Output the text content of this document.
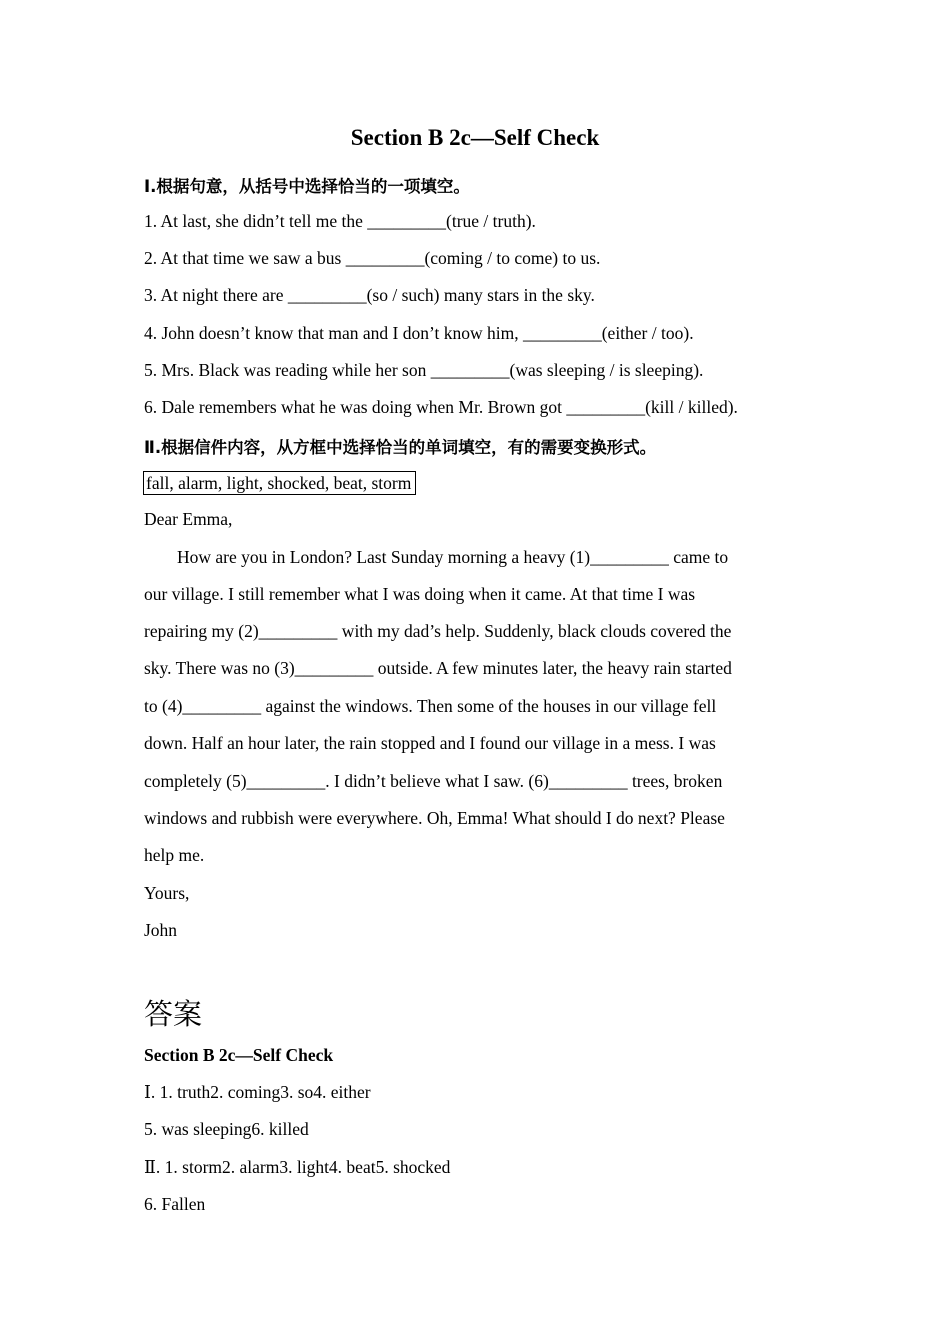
Section B 2c—Self Check
Ⅰ.根据句意，从括号中选择恰当的一项填空。
1. At last, she didn’t tell me the _________(true / truth).
2. At that time we saw a bus _________(coming / to come) to us.
3. At night there are _________(so / such) many stars in the sky.
4. John doesn’t know that man and I don’t know him, _________(either / too).
5. Mrs. Black was reading while her son _________(was sleeping / is sleeping).
6. Dale remembers what he was doing when Mr. Brown got _________(kill / killed).
Ⅱ.根据信件内容，从方框中选择恰当的单词填空，有的需要变换形式。
fall, alarm, light, shocked, beat, storm
Dear Emma,
How are you in London? Last Sunday morning a heavy (1)_________ came to
our village. I still remember what I was doing when it came. At that time I was
repairing my (2)_________ with my dad’s help. Suddenly, black clouds covered the
sky. There was no (3)_________ outside. A few minutes later, the heavy rain started
to (4)_________ against the windows. Then some of the houses in our village fell
down. Half an hour later, the rain stopped and I found our village in a mess. I was
completely (5)_________. I didn’t believe what I saw. (6)_________ trees, broken
windows and rubbish were everywhere. Oh, Emma! What should I do next? Please
help me.
Yours,
John
答案
Section B 2c—Self Check
Ⅰ. 1. truth2. coming3. so4. either
5. was sleeping6. killed
Ⅱ. 1. storm2. alarm3. light4. beat5. shocked
6. Fallen
